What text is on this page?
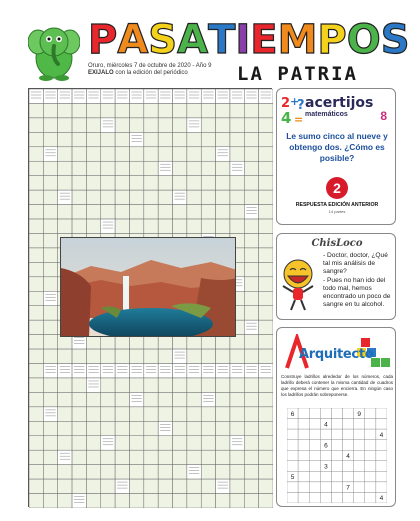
P A S A T I E M P O S
Oruro, miércoles 7 de octubre de 2020 - Año 9
EXIJALO con la edición del periódico	LA PATRIA
2 +
4 =
? acertijos
matemáticos	8
Le sumo cinco al nueve y obtengo dos. ¿Cómo es posible?
2
RESPUESTA EDICIÓN ANTERIOR
14 partes
ChisLoco
- Doctor, doctor, ¿Qué tal mis análisis de sangre?
- Pues no han ido del todo mal, hemos encontrado un poco de sangre en tu alcohol.
Arquitecto
Construye ladrillos alrededor de los números, cada ladrillo deberá contener la misma cantidad de cuadros que expresa el número que encierra. En ningún caso los ladrillos podrán sobreponerse.
6	9
4
4
6
4
3
5
7
4
